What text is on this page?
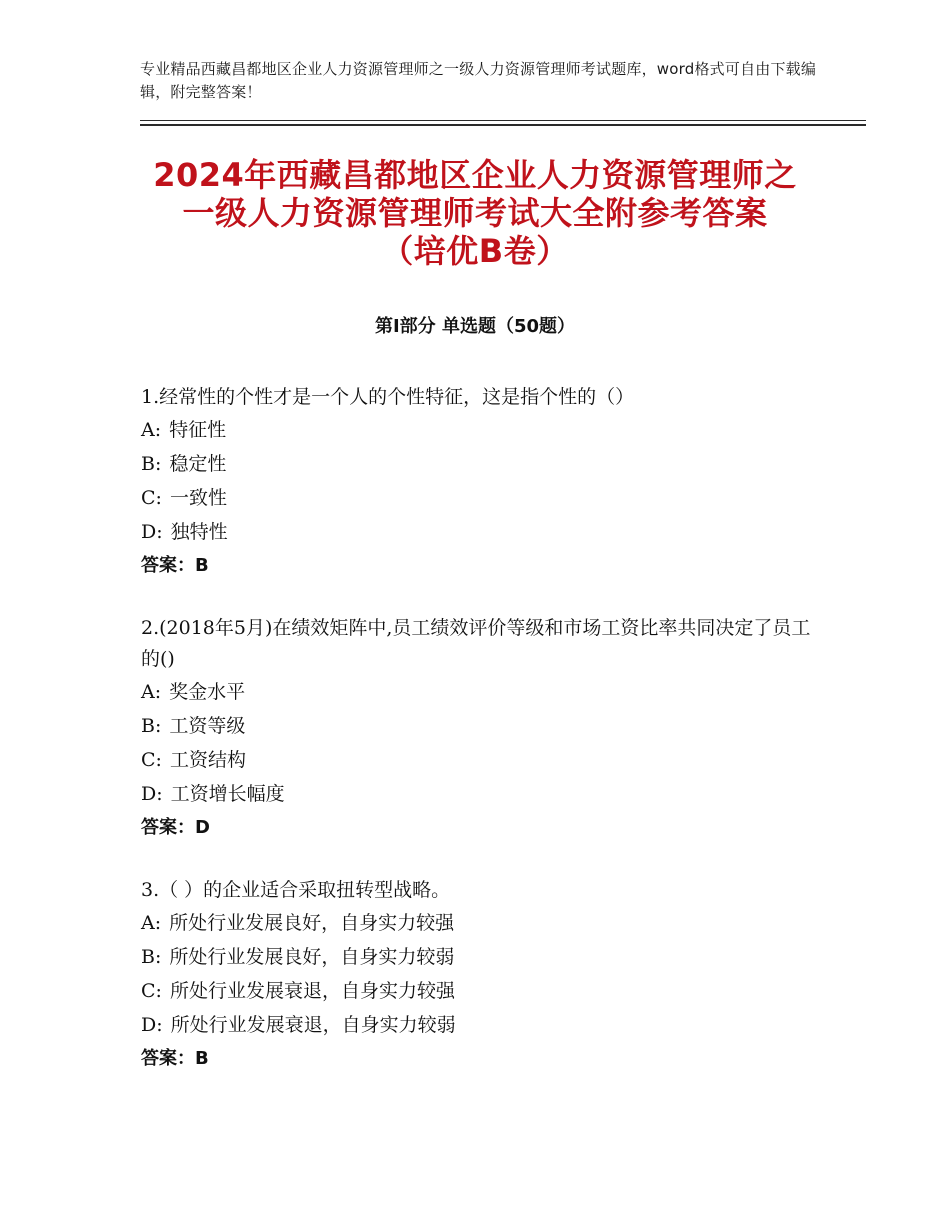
专业精品西藏昌都地区企业人力资源管理师之一级人力资源管理师考试题库，word格式可自由下载编辑，附完整答案！
2024年西藏昌都地区企业人力资源管理师之
一级人力资源管理师考试大全附参考答案
（培优B卷）
第Ⅰ部分 单选题（50题）

1.经常性的个性才是一个人的个性特征，这是指个性的（）

A: 特征性

B: 稳定性

C: 一致性

D: 独特性

答案：B

2.(2018年5月)在绩效矩阵中,员工绩效评价等级和市场工资比率共同决定了员工的()

A: 奖金水平

B: 工资等级

C: 工资结构

D: 工资增长幅度

答案：D

3.（ ）的企业适合采取扭转型战略。

A: 所处行业发展良好，自身实力较强

B: 所处行业发展良好，自身实力较弱

C: 所处行业发展衰退，自身实力较强

D: 所处行业发展衰退，自身实力较弱

答案：B
